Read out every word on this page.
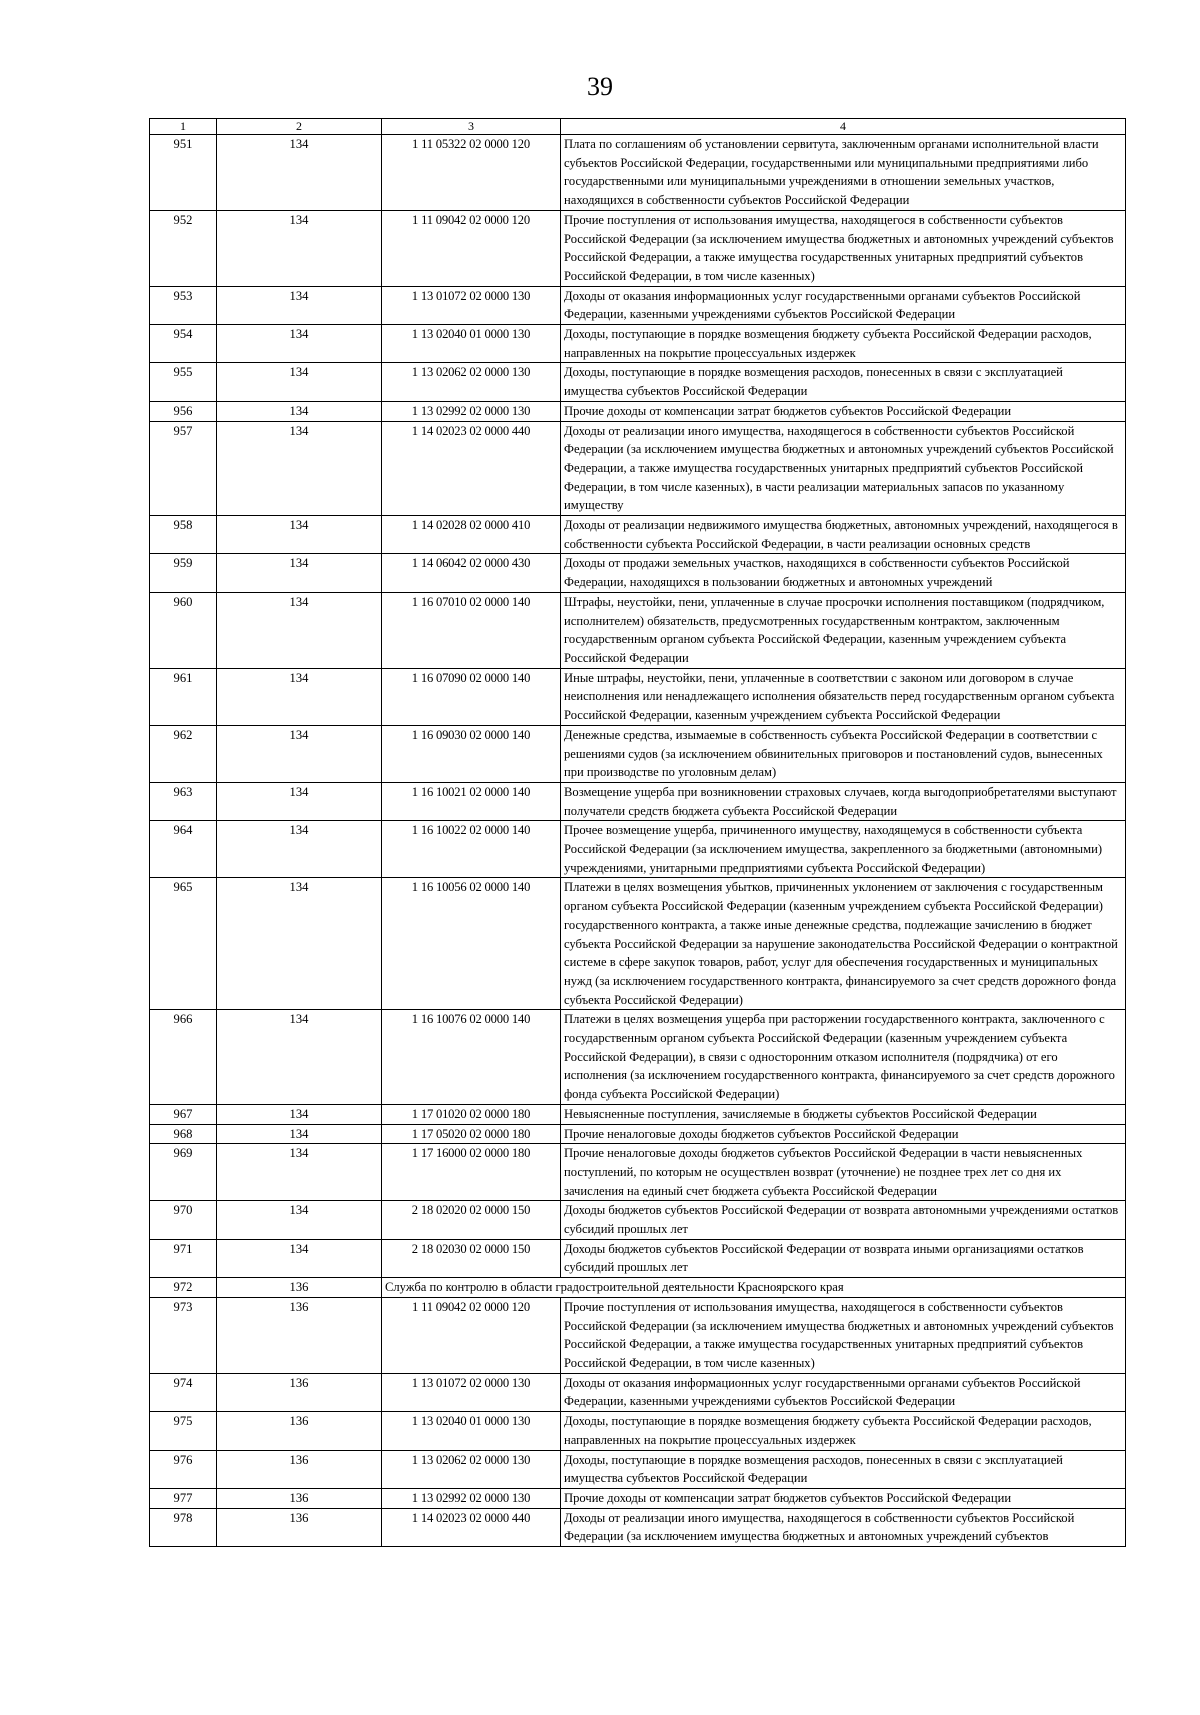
39
1	2	3	4
951	134	1 11 05322 02 0000 120	Плата по соглашениям об установлении сервитута, заключенным органами исполнительной власти субъектов Российской Федерации, государственными или муниципальными предприятиями либо государственными или муниципальными учреждениями в отношении земельных участков, находящихся в собственности субъектов Российской Федерации
952	134	1 11 09042 02 0000 120	Прочие поступления от использования имущества, находящегося в собственности субъектов Российской Федерации (за исключением имущества бюджетных и автономных учреждений субъектов Российской Федерации, а также имущества государственных унитарных предприятий субъектов Российской Федерации, в том числе казенных)
953	134	1 13 01072 02 0000 130	Доходы от оказания информационных услуг государственными органами субъектов Российской Федерации, казенными учреждениями субъектов Российской Федерации
954	134	1 13 02040 01 0000 130	Доходы, поступающие в порядке возмещения бюджету субъекта Российской Федерации расходов, направленных на покрытие процессуальных издержек
955	134	1 13 02062 02 0000 130	Доходы, поступающие в порядке возмещения расходов, понесенных в связи с эксплуатацией имущества субъектов Российской Федерации
956	134	1 13 02992 02 0000 130	Прочие доходы от компенсации затрат бюджетов субъектов Российской Федерации
957	134	1 14 02023 02 0000 440	Доходы от реализации иного имущества, находящегося в собственности субъектов Российской Федерации (за исключением имущества бюджетных и автономных учреждений субъектов Российской Федерации, а также имущества государственных унитарных предприятий субъектов Российской Федерации, в том числе казенных), в части реализации материальных запасов по указанному имуществу
958	134	1 14 02028 02 0000 410	Доходы от реализации недвижимого имущества бюджетных, автономных учреждений, находящегося в собственности субъекта Российской Федерации, в части реализации основных средств
959	134	1 14 06042 02 0000 430	Доходы от продажи земельных участков, находящихся в собственности субъектов Российской Федерации, находящихся в пользовании бюджетных и автономных учреждений
960	134	1 16 07010 02 0000 140	Штрафы, неустойки, пени, уплаченные в случае просрочки исполнения поставщиком (подрядчиком, исполнителем) обязательств, предусмотренных государственным контрактом, заключенным государственным органом субъекта Российской Федерации, казенным учреждением субъекта Российской Федерации
961	134	1 16 07090 02 0000 140	Иные штрафы, неустойки, пени, уплаченные в соответствии с законом или договором в случае неисполнения или ненадлежащего исполнения обязательств перед государственным органом субъекта Российской Федерации, казенным учреждением субъекта Российской Федерации
962	134	1 16 09030 02 0000 140	Денежные средства, изымаемые в собственность субъекта Российской Федерации в соответствии с решениями судов (за исключением обвинительных приговоров и постановлений судов, вынесенных при производстве по уголовным делам)
963	134	1 16 10021 02 0000 140	Возмещение ущерба при возникновении страховых случаев, когда выгодоприобретателями выступают получатели средств бюджета субъекта Российской Федерации
964	134	1 16 10022 02 0000 140	Прочее возмещение ущерба, причиненного имуществу, находящемуся в собственности субъекта Российской Федерации (за исключением имущества, закрепленного за бюджетными (автономными) учреждениями, унитарными предприятиями субъекта Российской Федерации)
965	134	1 16 10056 02 0000 140	Платежи в целях возмещения убытков, причиненных уклонением от заключения с государственным органом субъекта Российской Федерации (казенным учреждением субъекта Российской Федерации) государственного контракта, а также иные денежные средства, подлежащие зачислению в бюджет субъекта Российской Федерации за нарушение законодательства Российской Федерации о контрактной системе в сфере закупок товаров, работ, услуг для обеспечения государственных и муниципальных нужд (за исключением государственного контракта, финансируемого за счет средств дорожного фонда субъекта Российской Федерации)
966	134	1 16 10076 02 0000 140	Платежи в целях возмещения ущерба при расторжении государственного контракта, заключенного с государственным органом субъекта Российской Федерации (казенным учреждением субъекта Российской Федерации), в связи с односторонним отказом исполнителя (подрядчика) от его исполнения (за исключением государственного контракта, финансируемого за счет средств дорожного фонда субъекта Российской Федерации)
967	134	1 17 01020 02 0000 180	Невыясненные поступления, зачисляемые в бюджеты субъектов Российской Федерации
968	134	1 17 05020 02 0000 180	Прочие неналоговые доходы бюджетов субъектов Российской Федерации
969	134	1 17 16000 02 0000 180	Прочие неналоговые доходы бюджетов субъектов Российской Федерации в части невыясненных поступлений, по которым не осуществлен возврат (уточнение) не позднее трех лет со дня их зачисления на единый счет бюджета субъекта Российской Федерации
970	134	2 18 02020 02 0000 150	Доходы бюджетов субъектов Российской Федерации от возврата автономными учреждениями остатков субсидий прошлых лет
971	134	2 18 02030 02 0000 150	Доходы бюджетов субъектов Российской Федерации от возврата иными организациями остатков субсидий прошлых лет
972	136	Служба по контролю в области градостроительной деятельности Красноярского края	
973	136	1 11 09042 02 0000 120	Прочие поступления от использования имущества, находящегося в собственности субъектов Российской Федерации (за исключением имущества бюджетных и автономных учреждений субъектов Российской Федерации, а также имущества государственных унитарных предприятий субъектов Российской Федерации, в том числе казенных)
974	136	1 13 01072 02 0000 130	Доходы от оказания информационных услуг государственными органами субъектов Российской Федерации, казенными учреждениями субъектов Российской Федерации
975	136	1 13 02040 01 0000 130	Доходы, поступающие в порядке возмещения бюджету субъекта Российской Федерации расходов, направленных на покрытие процессуальных издержек
976	136	1 13 02062 02 0000 130	Доходы, поступающие в порядке возмещения расходов, понесенных в связи с эксплуатацией имущества субъектов Российской Федерации
977	136	1 13 02992 02 0000 130	Прочие доходы от компенсации затрат бюджетов субъектов Российской Федерации
978	136	1 14 02023 02 0000 440	Доходы от реализации иного имущества, находящегося в собственности субъектов Российской Федерации (за исключением имущества бюджетных и автономных учреждений субъектов
